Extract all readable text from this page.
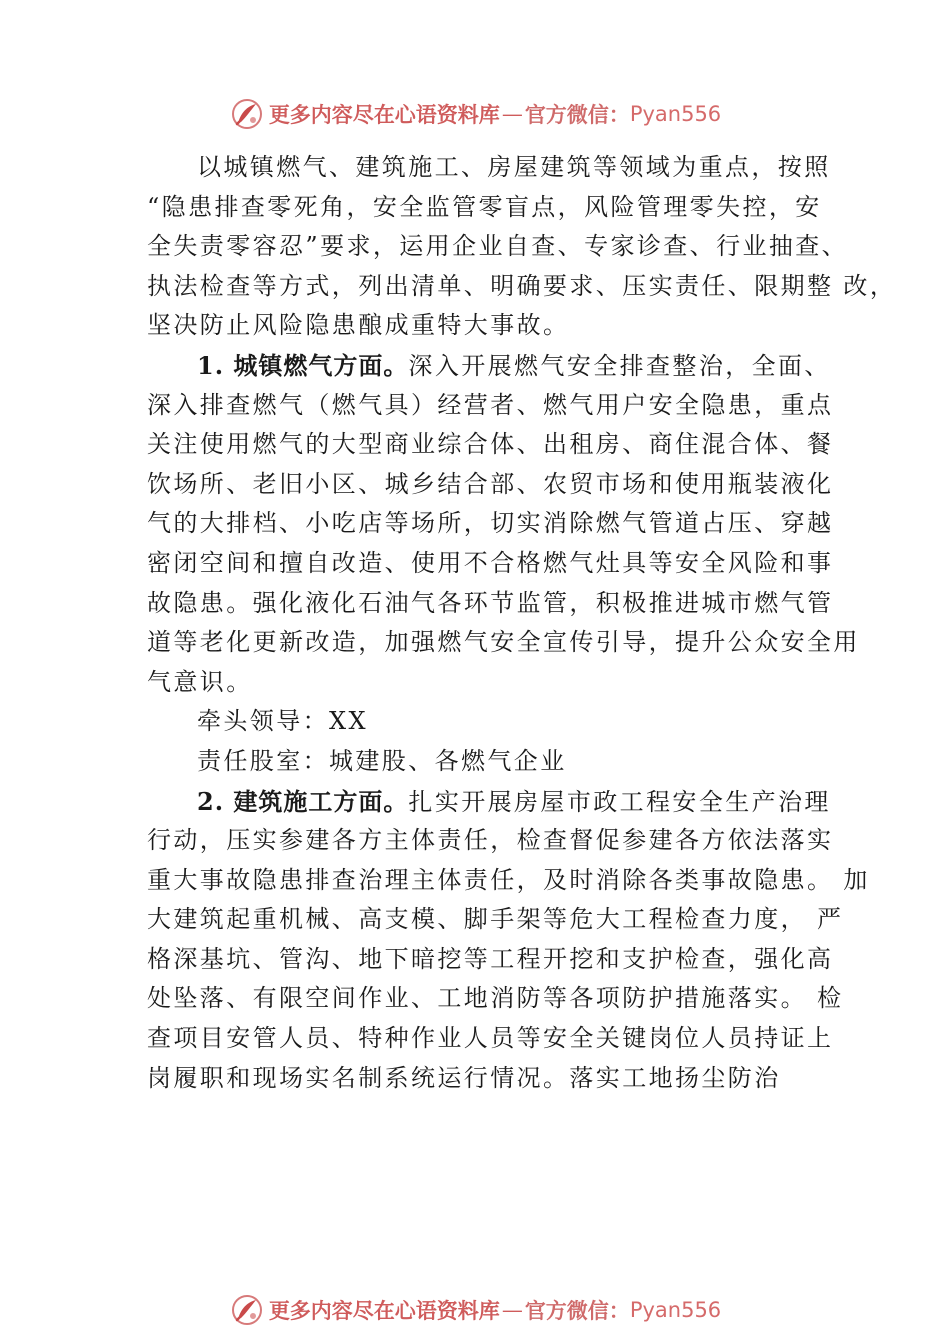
更多内容尽在心语资料库 — 官方微信： Pyan556
以城镇燃气、建筑施工、房屋建筑等领域为重点，按照
“隐患排查零死角，安全监管零盲点，风险管理零失控，安
全失责零容忍”要求，运用企业自查、专家诊查、行业抽查、
执法检查等方式，列出清单、明确要求、压实责任、限期整 改，
坚决防止风险隐患酿成重特大事故。
1. 城镇燃气方面。深入开展燃气安全排查整治，全面、
深入排查燃气（燃气具）经营者、燃气用户安全隐患，重点
关注使用燃气的大型商业综合体、出租房、商住混合体、餐
饮场所、老旧小区、城乡结合部、农贸市场和使用瓶装液化
气的大排档、小吃店等场所，切实消除燃气管道占压、穿越
密闭空间和擅自改造、使用不合格燃气灶具等安全风险和事
故隐患。强化液化石油气各环节监管，积极推进城市燃气管
道等老化更新改造，加强燃气安全宣传引导，提升公众安全用
气意识。
牵头领导：XX
责任股室：城建股、各燃气企业
2. 建筑施工方面。扎实开展房屋市政工程安全生产治理
行动，压实参建各方主体责任，检查督促参建各方依法落实
重大事故隐患排查治理主体责任，及时消除各类事故隐患。 加
大建筑起重机械、高支模、脚手架等危大工程检查力度， 严
格深基坑、管沟、地下暗挖等工程开挖和支护检查，强化高
处坠落、有限空间作业、工地消防等各项防护措施落实。 检
查项目安管人员、特种作业人员等安全关键岗位人员持证上
岗履职和现场实名制系统运行情况。落实工地扬尘防治
更多内容尽在心语资料库 — 官方微信： Pyan556
